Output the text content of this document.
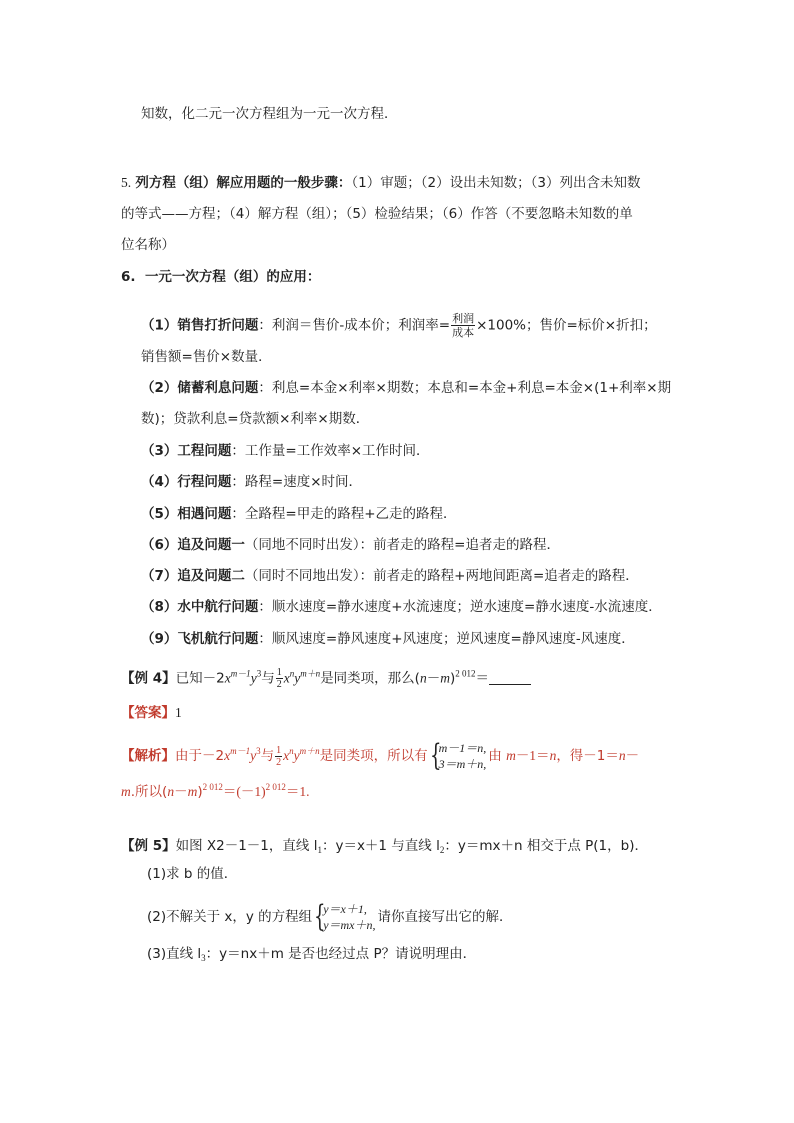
知数，化二元一次方程组为一元一次方程．
5. 列方程（组）解应用题的一般步骤：（1）审题；（2）设出未知数；（3）列出含未知数
的等式——方程；（4）解方程（组）；（5）检验结果；（6）作答（不要忽略未知数的单
位名称）
6. 一元一次方程（组）的应用：
（1）销售打折问题：利润＝售价-成本价；利润率= $\frac{\text{利润}}{\text{成本}} \times 100\%$；售价=标价×折扣；
销售额=售价×数量．
（2）储蓄利息问题：利息=本金×利率×期数；本息和=本金+利息=本金×(1+利率×期
数)；贷款利息=贷款额×利率×期数．
（3）工程问题：工作量=工作效率×工作时间．
（4）行程问题：路程=速度×时间．
（5）相遇问题：全路程=甲走的路程+乙走的路程．
（6）追及问题一（同地不同时出发）：前者走的路程=追者走的路程．
（7）追及问题二（同时不同地出发）：前者走的路程+两地间距离=追者走的路程．
（8）水中航行问题：顺水速度=静水速度+水流速度；逆水速度=静水速度-水流速度．
（9）飞机航行问题：顺风速度=静风速度+风速度；逆风速度=静风速度-风速度．
【例 4】已知$-2x^{m-1}y^3$与 $\frac{1}{2} x^ny^{m+n}$是同类项，那么$(n-m)^{2 012}=$
【答案】1
【解析】由于$-2x^{m-1}y^3$与 $\frac{1}{2} x^ny^{m+n}$是同类项，所以有 {
m－1＝n,
3＝m＋n, 由 m－1＝n，得－1＝n－
m.所以$(n-m)^{2 012}=(-1)^{2 012}=1$.
【例 5】如图 X2－1－1，直线 $l_1$：y＝x＋1 与直线 $l_2$：y＝mx＋n 相交于点 P(1，b)．
(1)求 b 的值．
(2)不解关于 x，y 的方程组 {
y＝x＋1,
y＝mx＋n, 请你直接写出它的解．
(3)直线 $l_3$：y＝nx＋m 是否也经过点 P？请说明理由．
